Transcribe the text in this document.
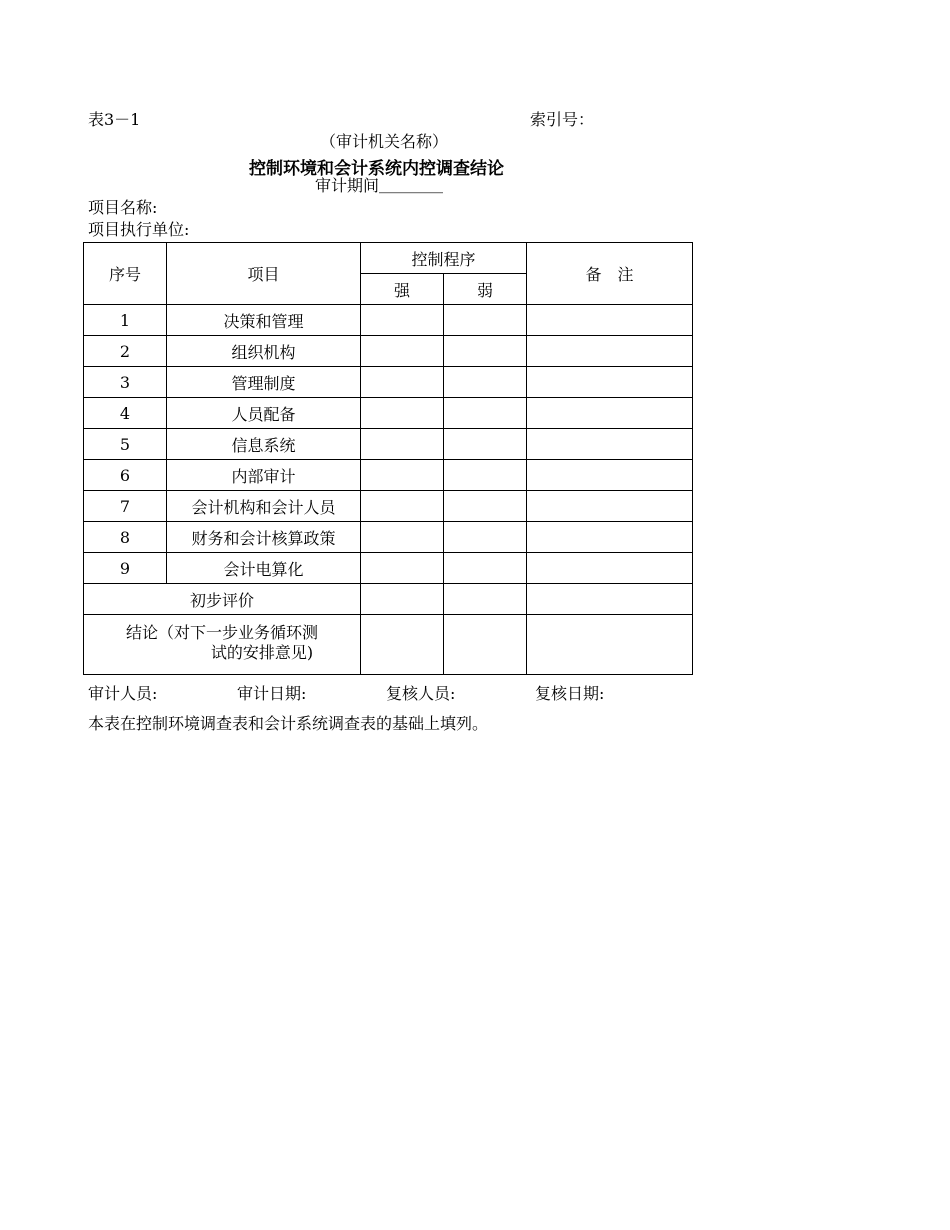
表3－1	索引号：
（审计机关名称）
控制环境和会计系统内控调查结论
审计期间＿＿＿＿
项目名称:
项目执行单位:
序号	项目	控制程序		备　注
		强	弱	
1	决策和管理			
2	组织机构			
3	管理制度			
4	人员配备			
5	信息系统			
6	内部审计			
7	会计机构和会计人员			
8	财务和会计核算政策			
9	会计电算化			
初步评价				

结论（对下一步业务循环测
试的安排意见)				

审计人员:	审计日期:	复核人员:	复核日期:
本表在控制环境调查表和会计系统调查表的基础上填列。
